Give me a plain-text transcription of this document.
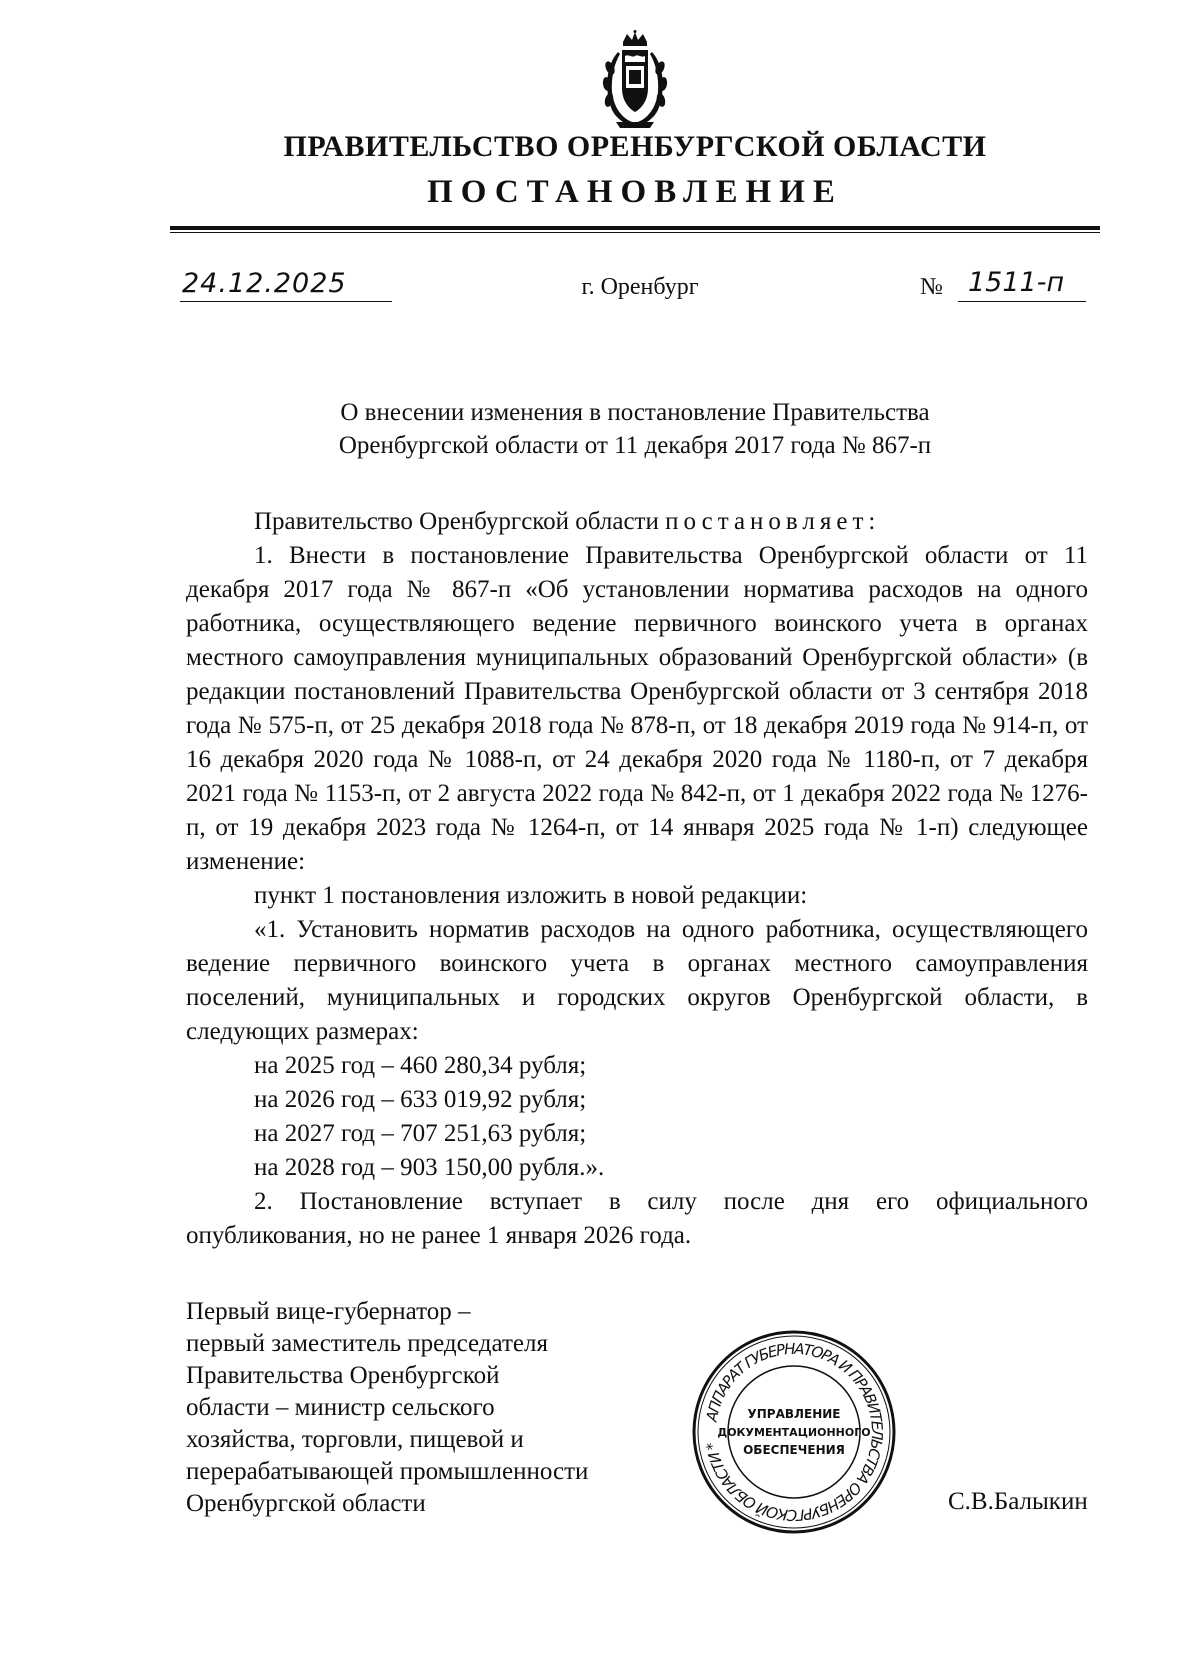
ПРАВИТЕЛЬСТВО ОРЕНБУРГСКОЙ ОБЛАСТИ
ПОСТАНОВЛЕНИЕ
24.12.2025	г. Оренбург	№ 1511-п
О внесении изменения в постановление Правительства
Оренбургской области от 11 декабря 2017 года № 867-п

Правительство Оренбургской области постановляет:

1. Внести в постановление Правительства Оренбургской области от 11 декабря 2017 года № 867-п «Об установлении норматива расходов на одного работника, осуществляющего ведение первичного воинского учета в органах местного самоуправления муниципальных образований Оренбургской области» (в редакции постановлений Правительства Оренбургской области от 3 сентября 2018 года № 575-п, от 25 декабря 2018 года № 878-п, от 18 декабря 2019 года № 914-п, от 16 декабря 2020 года № 1088-п, от 24 декабря 2020 года № 1180-п, от 7 декабря 2021 года № 1153-п, от 2 августа 2022 года № 842-п, от 1 декабря 2022 года № 1276-п, от 19 декабря 2023 года № 1264-п, от 14 января 2025 года № 1-п) следующее изменение:

пункт 1 постановления изложить в новой редакции:

«1. Установить норматив расходов на одного работника, осуществляющего ведение первичного воинского учета в органах местного самоуправления поселений, муниципальных и городских округов Оренбургской области, в следующих размерах:

на 2025 год – 460 280,34 рубля;

на 2026 год – 633 019,92 рубля;

на 2027 год – 707 251,63 рубля;

на 2028 год – 903 150,00 рубля.».

2. Постановление вступает в силу после дня его официального опубликования, но не ранее 1 января 2026 года.

Первый вице-губернатор –
первый заместитель председателя
Правительства Оренбургской
области – министр сельского
хозяйства, торговли, пищевой и
перерабатывающей промышленности
Оренбургской области	С.В.Балыкин
АППАРАТ ГУБЕРНАТОРА И ПРАВИТЕЛЬСТВА ОРЕНБУРГСКОЙ ОБЛАСТИ *
УПРАВЛЕНИЕ
ДОКУМЕНТАЦИОННОГО
ОБЕСПЕЧЕНИЯ
